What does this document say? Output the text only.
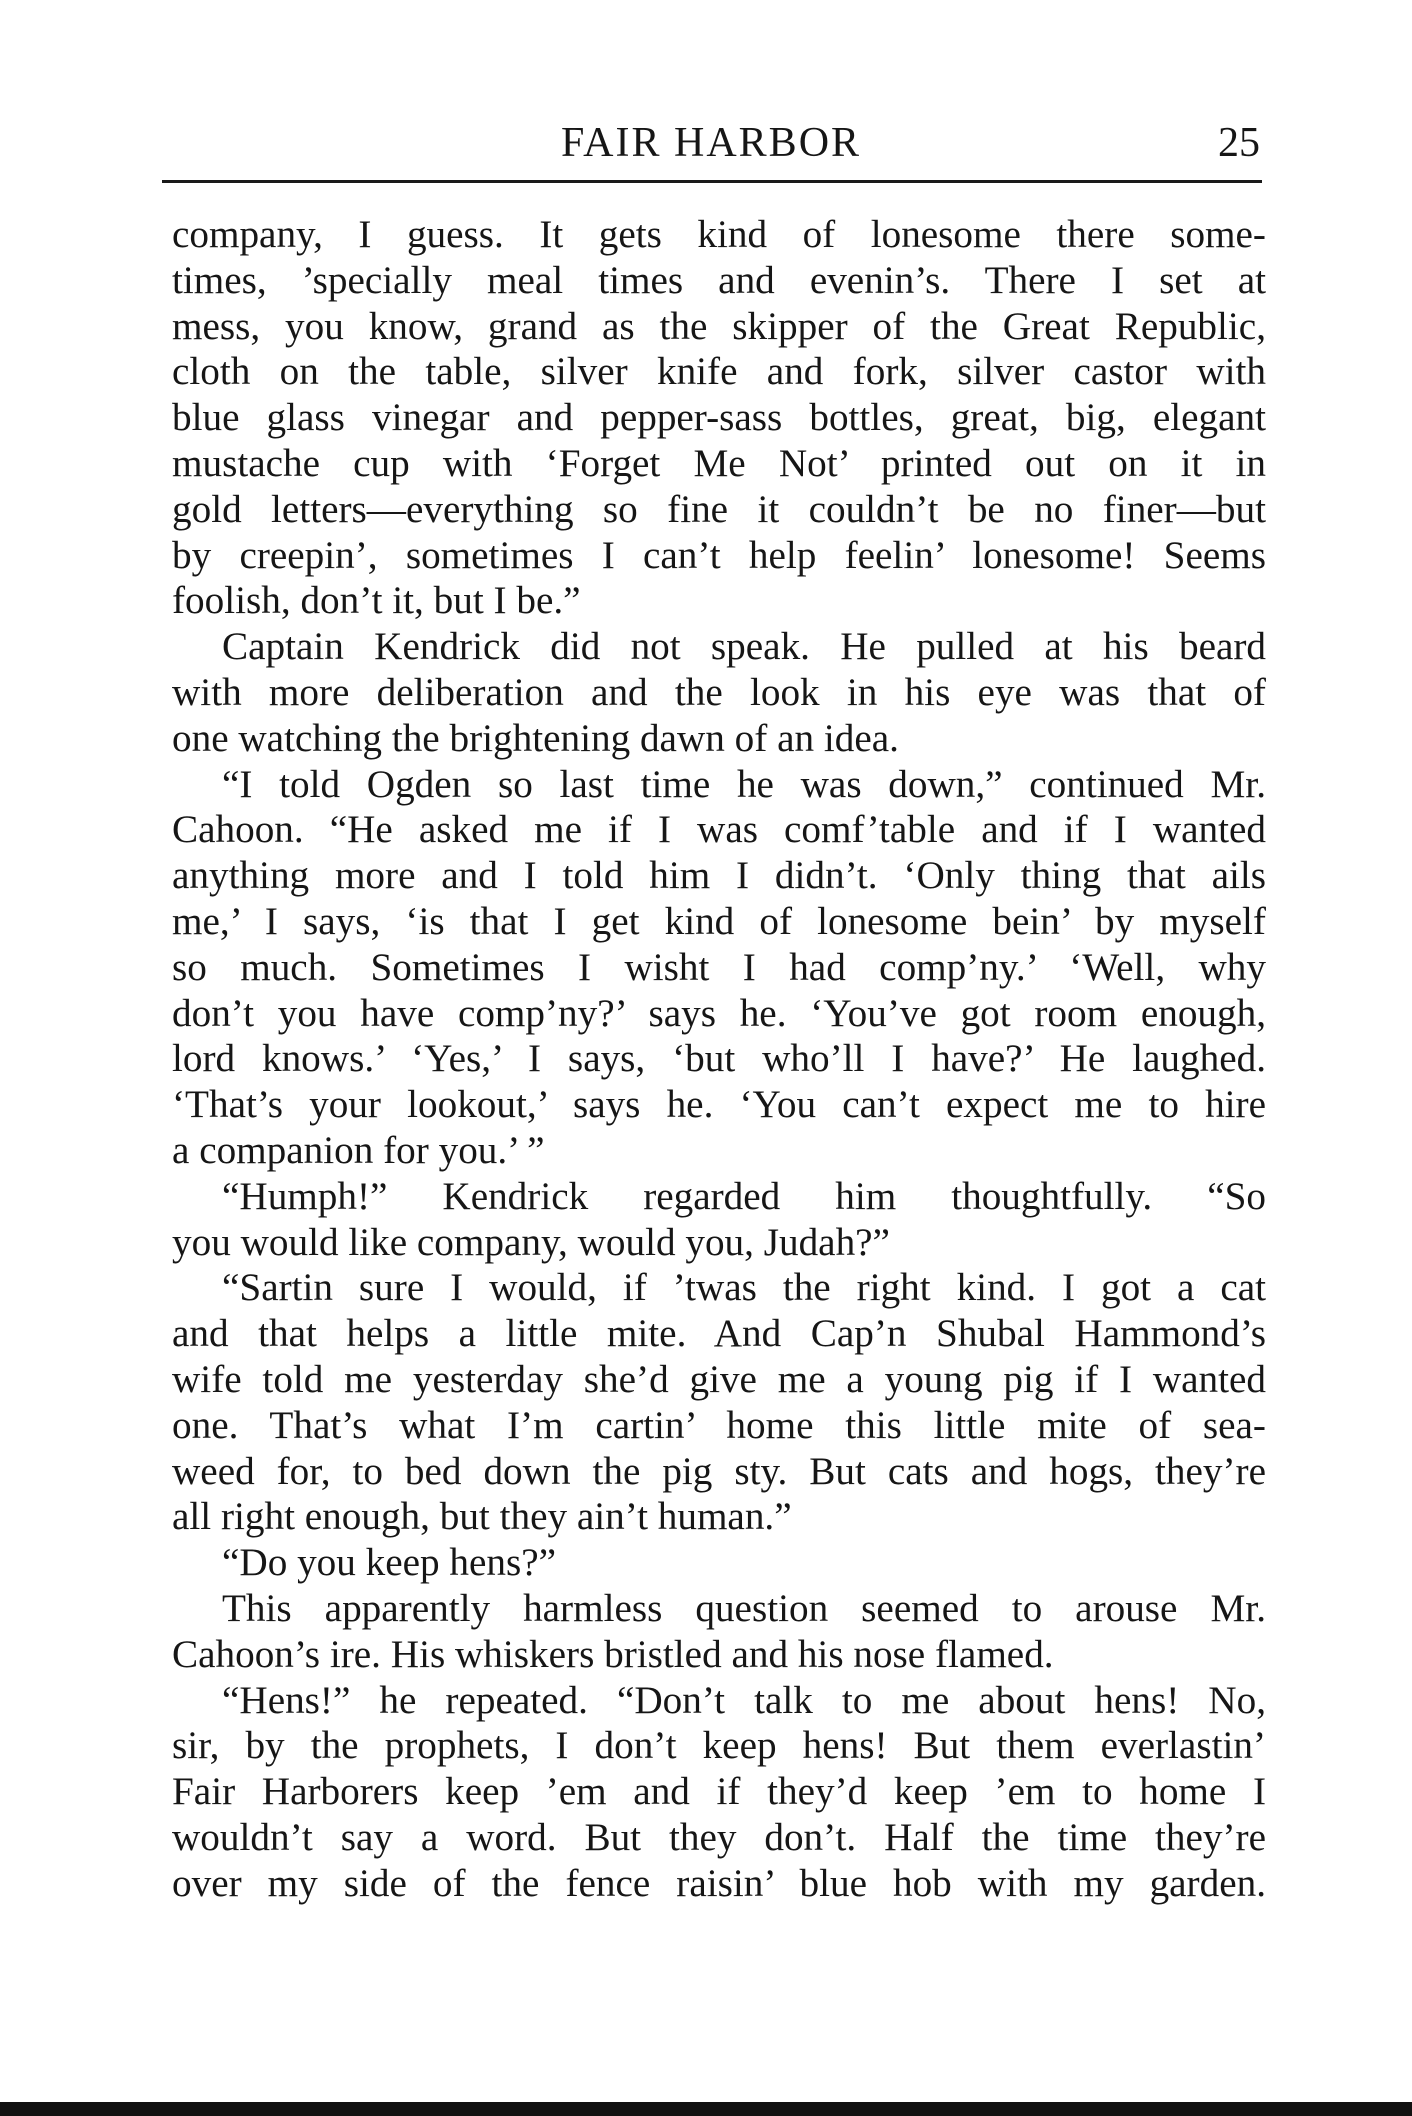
FAIR HARBOR	25
company, I guess. It gets kind of lonesome there some-
times, ’specially meal times and evenin’s. There I set at
mess, you know, grand as the skipper of the Great Republic,
cloth on the table, silver knife and fork, silver castor with
blue glass vinegar and pepper-sass bottles, great, big, elegant
mustache cup with ‘Forget Me Not’ printed out on it in
gold letters—everything so fine it couldn’t be no finer—but
by creepin’, sometimes I can’t help feelin’ lonesome! Seems
foolish, don’t it, but I be.”
Captain Kendrick did not speak. He pulled at his beard
with more deliberation and the look in his eye was that of
one watching the brightening dawn of an idea.
“I told Ogden so last time he was down,” continued Mr.
Cahoon. “He asked me if I was comf’table and if I wanted
anything more and I told him I didn’t. ‘Only thing that ails
me,’ I says, ‘is that I get kind of lonesome bein’ by myself
so much. Sometimes I wisht I had comp’ny.’ ‘Well, why
don’t you have comp’ny?’ says he. ‘You’ve got room enough,
lord knows.’ ‘Yes,’ I says, ‘but who’ll I have?’ He laughed.
‘That’s your lookout,’ says he. ‘You can’t expect me to hire
a companion for you.’ ”
“Humph!” Kendrick regarded him thoughtfully. “So
you would like company, would you, Judah?”
“Sartin sure I would, if ’twas the right kind. I got a cat
and that helps a little mite. And Cap’n Shubal Hammond’s
wife told me yesterday she’d give me a young pig if I wanted
one. That’s what I’m cartin’ home this little mite of sea-
weed for, to bed down the pig sty. But cats and hogs, they’re
all right enough, but they ain’t human.”
“Do you keep hens?”
This apparently harmless question seemed to arouse Mr.
Cahoon’s ire. His whiskers bristled and his nose flamed.
“Hens!” he repeated. “Don’t talk to me about hens! No,
sir, by the prophets, I don’t keep hens! But them everlastin’
Fair Harborers keep ’em and if they’d keep ’em to home I
wouldn’t say a word. But they don’t. Half the time they’re
over my side of the fence raisin’ blue hob with my garden.
